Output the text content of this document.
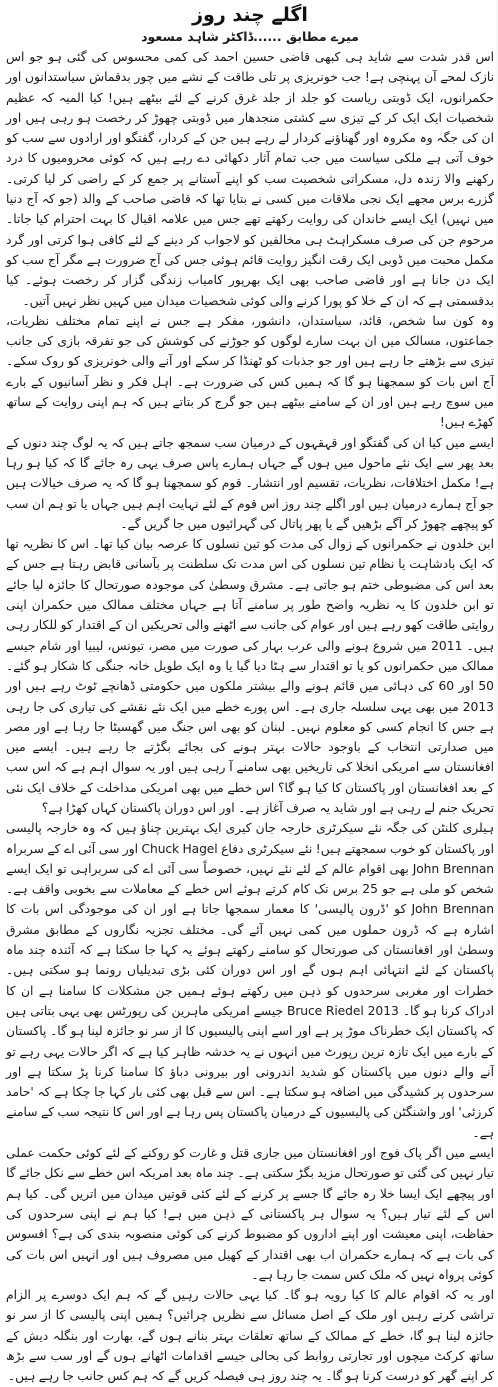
اگلے چند روز
میرے مطابق ......ڈاکٹر شاہد مسعود

اس قدر شدت سے شاید ہی کبھی قاضی حسین احمد کی کمی محسوس کی گئی ہو جو اس نازک لمحے آن پہنچی ہے! جب خونریزی پر تلی طاقت کے نشے میں چور بدقماش سیاستدانوں اور حکمرانوں، ایک ڈوبتی ریاست کو جلد از جلد غرق کرنے کے لئے بیٹھے ہیں! کیا المیہ کہ عظیم شخصیات ایک ایک کر کے تیزی سے کشتی منجدھار میں ڈوبتی چھوڑ کر رخصت ہو رہی ہیں اور ان کی جگہ وہ مکروہ اور گھناؤنے کردار لے رہے ہیں جن کے کردار، گفتگو اور ارادوں سے سب کو خوف آتی ہے ملکی سیاست میں جب تمام آثار دکھائی دے رہے ہیں کہ کوئی محرومیوں کا درد رکھنے والا زندہ دل، مسکراتی شخصیت سب کو اپنے آستانے پر جمع کر کے راضی کر لیا کرتی۔ گزرے برس مجھے ایک نجی ملاقات میں کسی نے بتایا تھا کہ قاضی صاحب کے والد (جو کہ آج دنیا میں نہیں) ایک ایسے خاندان کی روایت رکھتے تھے جس میں علامہ اقبال کا بہت احترام کیا جاتا۔ مرحوم جن کی صرف مسکراہٹ ہی مخالفین کو لاجواب کر دینے کے لئے کافی ہوا کرتی اور گرد مکمل محبت میں ڈوبی ایک رقت انگیز روایت قائم ہوئی جس کی آج ضرورت ہے مگر آج سب کو ایک دن جانا ہے اور قاضی صاحب بھی ایک بھرپور کامیاب زندگی گزار کر رخصت ہوئے۔ کیا بدقسمتی ہے کہ ان کے خلا کو پورا کرنے والی کوئی شخصیات میدان میں کہیں نظر نہیں آتیں۔

وہ کون سا شخص، قائد، سیاستدان، دانشور، مفکر ہے جس نے اپنے تمام مختلف نظریات، جماعتوں، مسالک میں ان بہت سارے لوگوں کو جوڑنے کی کوشش کی جو تفرقہ بازی کی جانب تیزی سے بڑھتے جا رہے ہیں اور جو جذبات کو ٹھنڈا کر سکے اور آنے والی خونریزی کو روک سکے۔ آج اس بات کو سمجھنا ہو گا کہ ہمیں کس کی ضرورت ہے۔ اہل فکر و نظر آسانیوں کے بارے میں سوچ رہے ہیں اور ان کے سامنے بیٹھے ہیں جو گرج کر بتاتے ہیں کہ ہم اپنی روایت کے ساتھ کھڑے ہیں!

ایسے میں کیا ان کی گفتگو اور قہقہوں کے درمیان سب سمجھ جاتے ہیں کہ یہ لوگ چند دنوں کے بعد پھر سے ایک نئے ماحول میں ہوں گے جہاں ہمارے پاس صرف یہی رہ جائے گا کہ کیا ہو رہا ہے! مکمل اختلافات، نظریات، تقسیم اور انتشار۔ قوم کو سمجھنا ہو گا کہ یہ صرف خیالات ہیں جو آج ہمارے درمیان ہیں اور اگلے چند روز اس قوم کے لئے نہایت اہم ہیں جہاں یا تو ہم ان سب کو پیچھے چھوڑ کر آگے بڑھیں گے یا پھر پاتال کی گہرائیوں میں جا گریں گے۔

ابن خلدون نے حکمرانوں کے زوال کی مدت کو تین نسلوں کا عرصہ بیان کیا تھا۔ اس کا نظریہ تھا کہ ایک بادشاہت یا نظام تین نسلوں کی اس مدت تک سلطنت پر بآسانی قابض رہتا ہے جس کے بعد اس کی مضبوطی ختم ہو جاتی ہے۔ مشرق وسطیٰ کی موجودہ صورتحال کا جائزہ لیا جائے تو ابن خلدون کا یہ نظریہ واضح طور پر سامنے آتا ہے جہاں مختلف ممالک میں حکمران اپنی روایتی طاقت کھو رہے ہیں اور عوام کی جانب سے اٹھنے والی تحریکیں ان کے اقتدار کو للکار رہی ہیں۔ 2011 میں شروع ہونے والی عرب بہار کی صورت میں مصر، تیونس، لیبیا اور شام جیسے ممالک میں حکمرانوں کو یا تو اقتدار سے ہٹا دیا گیا یا وہ ایک طویل خانہ جنگی کا شکار ہو گئے۔ 50 اور 60 کی دہائی میں قائم ہونے والے بیشتر ملکوں میں حکومتی ڈھانچے ٹوٹ رہے ہیں اور 2013 میں بھی یہی سلسلہ جاری ہے۔ اس پورے خطے میں ایک نئے نقشے کی تیاری کی جا رہی ہے جس کا انجام کسی کو معلوم نہیں۔ لبنان کو بھی اس جنگ میں گھسیٹا جا رہا ہے اور مصر میں صدارتی انتخاب کے باوجود حالات بہتر ہونے کی بجائے بگڑتے جا رہے ہیں۔ ایسے میں افغانستان سے امریکی انخلا کی تاریخیں بھی سامنے آ رہی ہیں اور یہ سوال اہم ہے کہ اس سب کے بعد افغانستان اور پاکستان کا کیا ہو گا؟ اس خطے میں بھی امریکی مداخلت کے خلاف ایک نئی تحریک جنم لے رہی ہے اور شاید یہ صرف آغاز ہے۔ اور اس دوران پاکستان کہاں کھڑا ہے؟

ہیلری کلنٹن کی جگہ نئے سیکرٹری خارجہ جان کیری ایک بہترین چناؤ ہیں کہ وہ خارجہ پالیسی اور پاکستان کو خوب سمجھتے ہیں! نئے سیکرٹری دفاع Chuck Hagel اور سی آئی اے کے سربراہ John Brennan بھی اقوام عالم کے لئے نئے نہیں، خصوصاً سی آئی اے کی سربراہی تو ایک ایسے شخص کو ملی ہے جو 25 برس تک کام کرتے ہوئے اس خطے کے معاملات سے بخوبی واقف ہے۔ John Brennan کو 'ڈرون پالیسی' کا معمار سمجھا جاتا ہے اور ان کی موجودگی اس بات کا اشارہ ہے کہ ڈرون حملوں میں کمی نہیں آئے گی۔ مختلف تجزیہ نگاروں کے مطابق مشرق وسطیٰ اور افغانستان کی صورتحال کو سامنے رکھتے ہوئے یہ کہا جا سکتا ہے کہ آئندہ چند ماہ پاکستان کے لئے انتہائی اہم ہوں گے اور اس دوران کئی بڑی تبدیلیاں رونما ہو سکتی ہیں۔ خطرات اور مغربی سرحدوں کو ذہن میں رکھتے ہوئے ہمیں جن مشکلات کا سامنا ہے ان کا ادراک کرنا ہو گا۔ 2013 Bruce Riedel جیسے امریکی ماہرین کی رپورٹس بھی یہی بتاتی ہیں کہ پاکستان ایک خطرناک موڑ پر ہے اور اسے اپنی پالیسیوں کا از سر نو جائزہ لینا ہو گا۔ پاکستان کے بارے میں ایک تازہ ترین رپورٹ میں انہوں نے یہ خدشہ ظاہر کیا ہے کہ اگر حالات یہی رہے تو آنے والے دنوں میں پاکستان کو شدید اندرونی اور بیرونی دباؤ کا سامنا کرنا پڑ سکتا ہے اور سرحدوں پر کشیدگی میں اضافہ ہو سکتا ہے۔ اس سے قبل بھی کئی بار کہا جا چکا ہے کہ 'حامد کرزئی' اور واشنگٹن کی پالیسیوں کے درمیان پاکستان پس رہا ہے اور اس کا نتیجہ سب کے سامنے ہے۔

ایسے میں اگر پاک فوج اور افغانستان میں جاری قتل و غارت کو روکنے کے لئے کوئی حکمت عملی تیار نہیں کی گئی تو صورتحال مزید بگڑ سکتی ہے۔ چند ماہ بعد امریکہ اس خطے سے نکل جائے گا اور پیچھے ایک ایسا خلا رہ جائے گا جسے پر کرنے کے لئے کئی قوتیں میدان میں اتریں گی۔ کیا ہم اس کے لئے تیار ہیں؟ یہ سوال ہر پاکستانی کے ذہن میں ہے! کیا ہم نے اپنی سرحدوں کی حفاظت، اپنی معیشت اور اپنے اداروں کو مضبوط کرنے کی کوئی منصوبہ بندی کی ہے؟ افسوس کی بات ہے کہ ہمارے حکمران اب بھی اقتدار کے کھیل میں مصروف ہیں اور انہیں اس بات کی کوئی پرواہ نہیں کہ ملک کس سمت جا رہا ہے۔

اور یہ کہ اقوام عالم کا کیا رویہ ہو گا۔ کیا یہی حالات رہیں گے کہ ہم ایک دوسرے پر الزام تراشی کرتے رہیں اور ملک کے اصل مسائل سے نظریں چرائیں؟ ہمیں اپنی پالیسی کا از سر نو جائزہ لینا ہو گا، خطے کے ممالک کے ساتھ تعلقات بہتر بنانے ہوں گے، بھارت اور بنگلہ دیش کے ساتھ کرکٹ میچوں اور تجارتی روابط کی بحالی جیسے اقدامات اٹھانے ہوں گے اور سب سے بڑھ کر اپنے گھر کو درست کرنا ہو گا۔ یہ چند روز ہی فیصلہ کریں گے کہ ہم کس جانب جا رہے ہیں۔
